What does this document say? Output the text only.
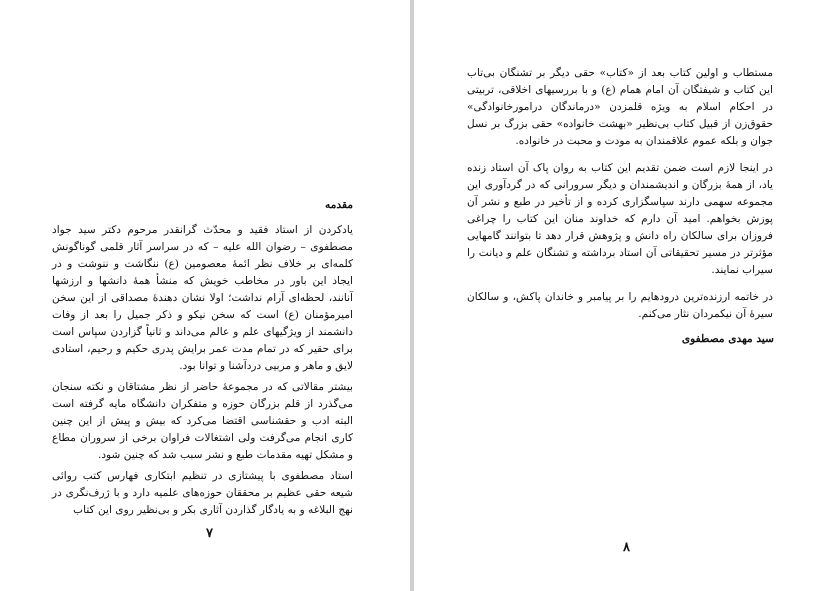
مقدمه

یادکردن از استاد فقید و محدّث گرانقدر مرحوم دکتر سید جواد مصطفوی – رضوان الله علیه – که در سراسر آثار قلمی گوناگونش کلمه‌ای بر خلاف نظر ائمهٔ معصومین (ع) ننگاشت و ننوشت و در ایجاد این باور در مخاطب خویش که منشأ همهٔ دانشها و ارزشها آنانند، لحظه‌ای آرام نداشت؛ اولا نشان دهندهٔ مصداقی از این سخن امیرمؤمنان (ع) است که سخن نیکو و ذکر جمیل را بعد از وفات دانشمند از ویژگیهای علم و عالم می‌داند و ثانیاً گزاردن سپاس است برای حقیر که در تمام مدت عمر برایش پدری حکیم و رحیم، استادی لایق و ماهر و مربیی دردآشنا و توانا بود.

بیشتر مقالاتی که در مجموعهٔ حاضر از نظر مشتاقان و نکته سنجان می‌گذرد از قلم بزرگان حوزه و متفکران دانشگاه مایه گرفته است البته ادب و حقشناسی اقتضا می‌کرد که بیش و پیش از این چنین کاری انجام می‌گرفت ولی اشتغالات فراوان برخی از سروران مطاع و مشکل تهیه مقدمات طبع و نشر سبب شد که چنین شود.

استاد مصطفوی با پیشتازی در تنظیم ابتکاری فهارس کتب روائی شیعه حقی عظیم بر محققان حوزه‌های علمیه دارد و با ژرف‌نگری در نهج البلاغه و به یادگار گذاردن آثاری بکر و بی‌نظیر روی این کتاب

۷

مستطاب و اولین کتاب بعد از «کتاب» حقی دیگر بر تشنگان بی‌تاب این کتاب و شیفتگان آن امام همام (ع) و با بررسیهای اخلاقی، تربیتی در احکام اسلام به ویژه قلمزدن «درماندگان درامورخانوادگی» حقوق‌زن از قبیل کتاب بی‌نظیر «بهشت خانواده» حقی بزرگ بر نسل جوان و بلکه عموم علاقمندان به مودت و محبت در خانواده.

در اینجا لازم است ضمن تقدیم این کتاب به روان پاک آن استاد زنده یاد، از همهٔ بزرگان و اندیشمندان و دیگر سرورانی که در گردآوری این مجموعه سهمی دارند سپاسگزاری کرده و از تأخیر در طبع و نشر آن پوزش بخواهم. امید آن دارم که خداوند منان این کتاب را چراغی فروزان برای سالکان راه دانش و پژوهش قرار دهد تا بتوانند گامهایی مؤثرتر در مسیر تحقیقاتی آن استاد برداشته و تشنگان علم و دیانت را سیراب نمایند.

در خاتمه ارزنده‌ترین درودهایم را بر پیامبر و خاندان پاکش، و سالکان سیرهٔ آن نیکمردان نثار می‌کنم.

سید مهدی مصطفوی
۸
